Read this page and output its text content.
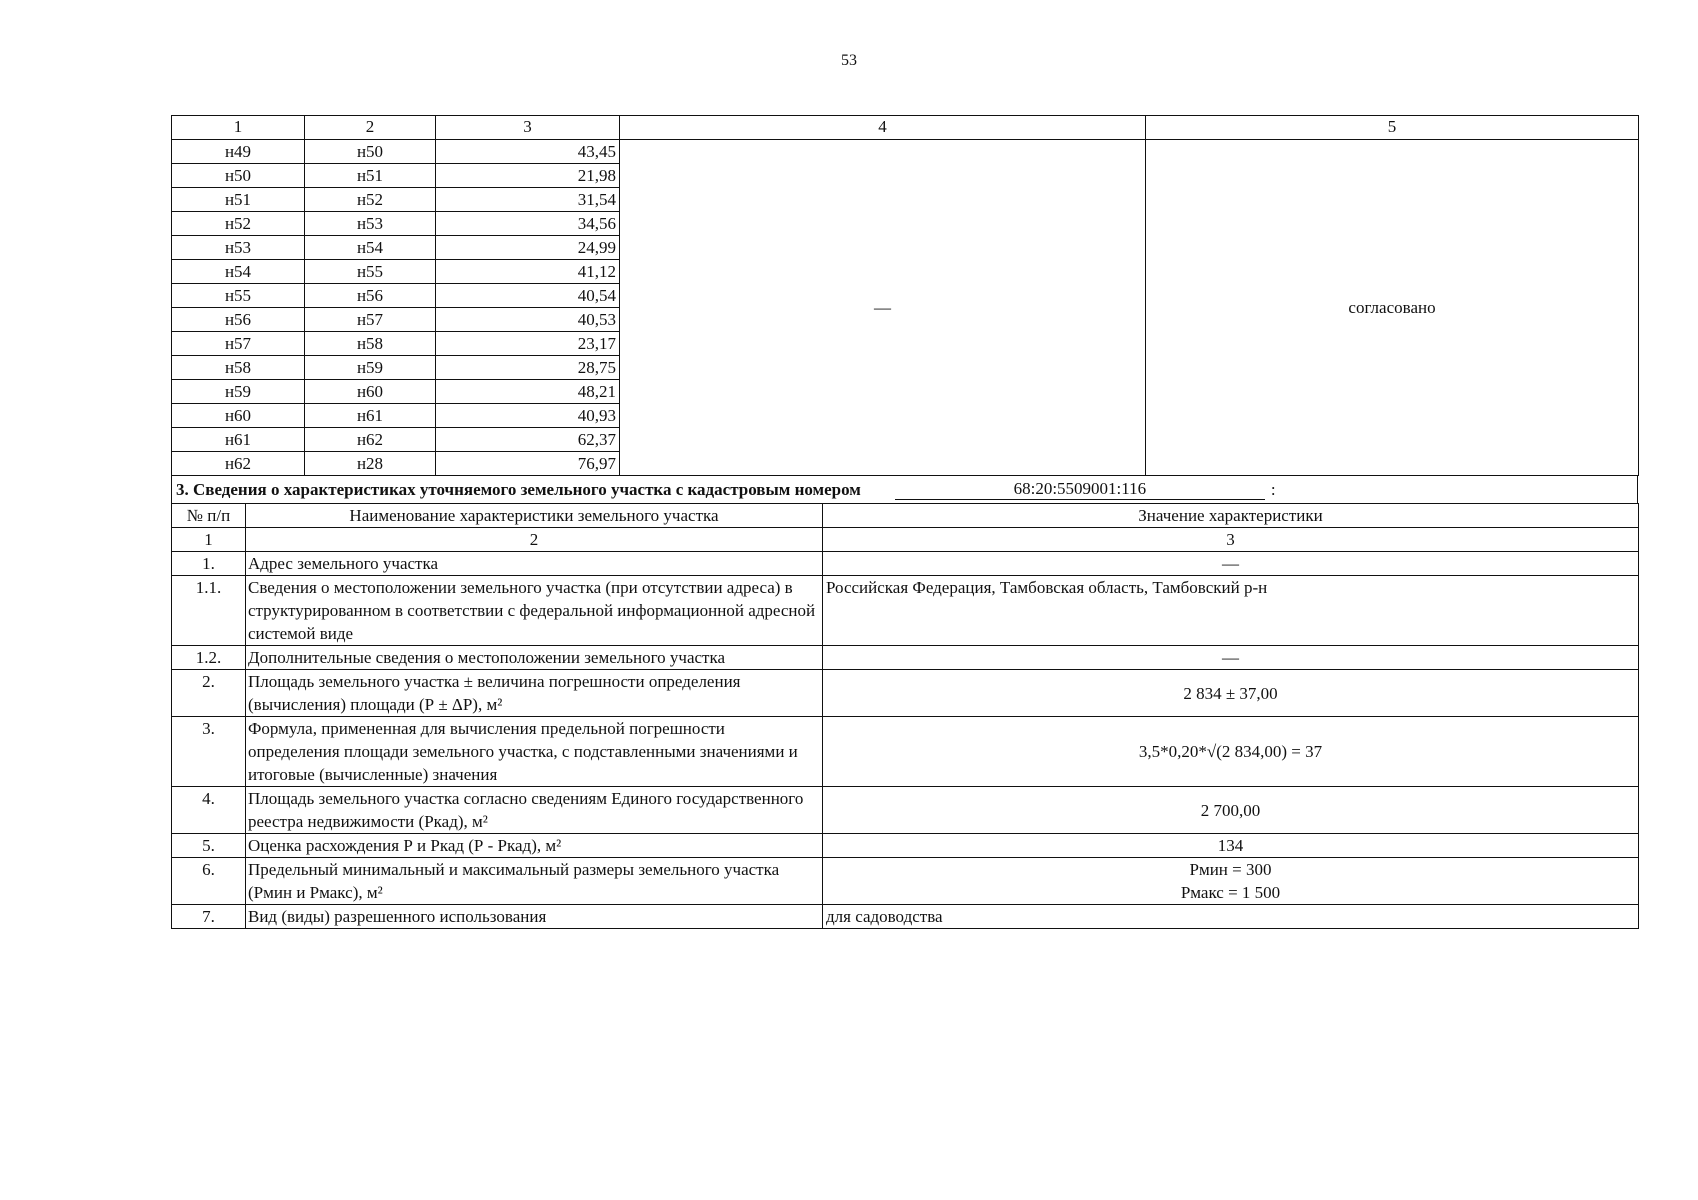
53
1	2	3	4	5
н49	н50	43,45	—	согласовано
н50	н51	21,98		
н51	н52	31,54		
н52	н53	34,56		
н53	н54	24,99		
н54	н55	41,12		
н55	н56	40,54		
н56	н57	40,53		
н57	н58	23,17		
н58	н59	28,75		
н59	н60	48,21		
н60	н61	40,93		
н61	н62	62,37		
н62	н28	76,97		
3. Сведения о характеристиках уточняемого земельного участка с кадастровым номером	68:20:5509001:116	:
№ п/п	Наименование характеристики земельного участка	Значение характеристики
1	2	3
1.	Адрес земельного участка	—
1.1.	Сведения о местоположении земельного участка (при отсутствии адреса) в структурированном в соответствии с федеральной информационной адресной системой виде	Российская Федерация, Тамбовская область, Тамбовский р-н
1.2.	Дополнительные сведения о местоположении земельного участка	—
2.	Площадь земельного участка ± величина погрешности определения (вычисления) площади (Р ± ΔР), м²	2 834 ± 37,00
3.	Формула, примененная для вычисления предельной погрешности определения площади земельного участка, с подставленными значениями и итоговые (вычисленные) значения	3,5*0,20*√(2 834,00) = 37
4.	Площадь земельного участка согласно сведениям Единого государственного реестра недвижимости (Ркад), м²	2 700,00
5.	Оценка расхождения Р и Ркад (Р - Ркад), м²	134
6.	Предельный минимальный и максимальный размеры земельного участка (Рмин и Рмакс), м²	Рмин = 300
Рмакс = 1 500

7.	Вид (виды) разрешенного использования	для садоводства
